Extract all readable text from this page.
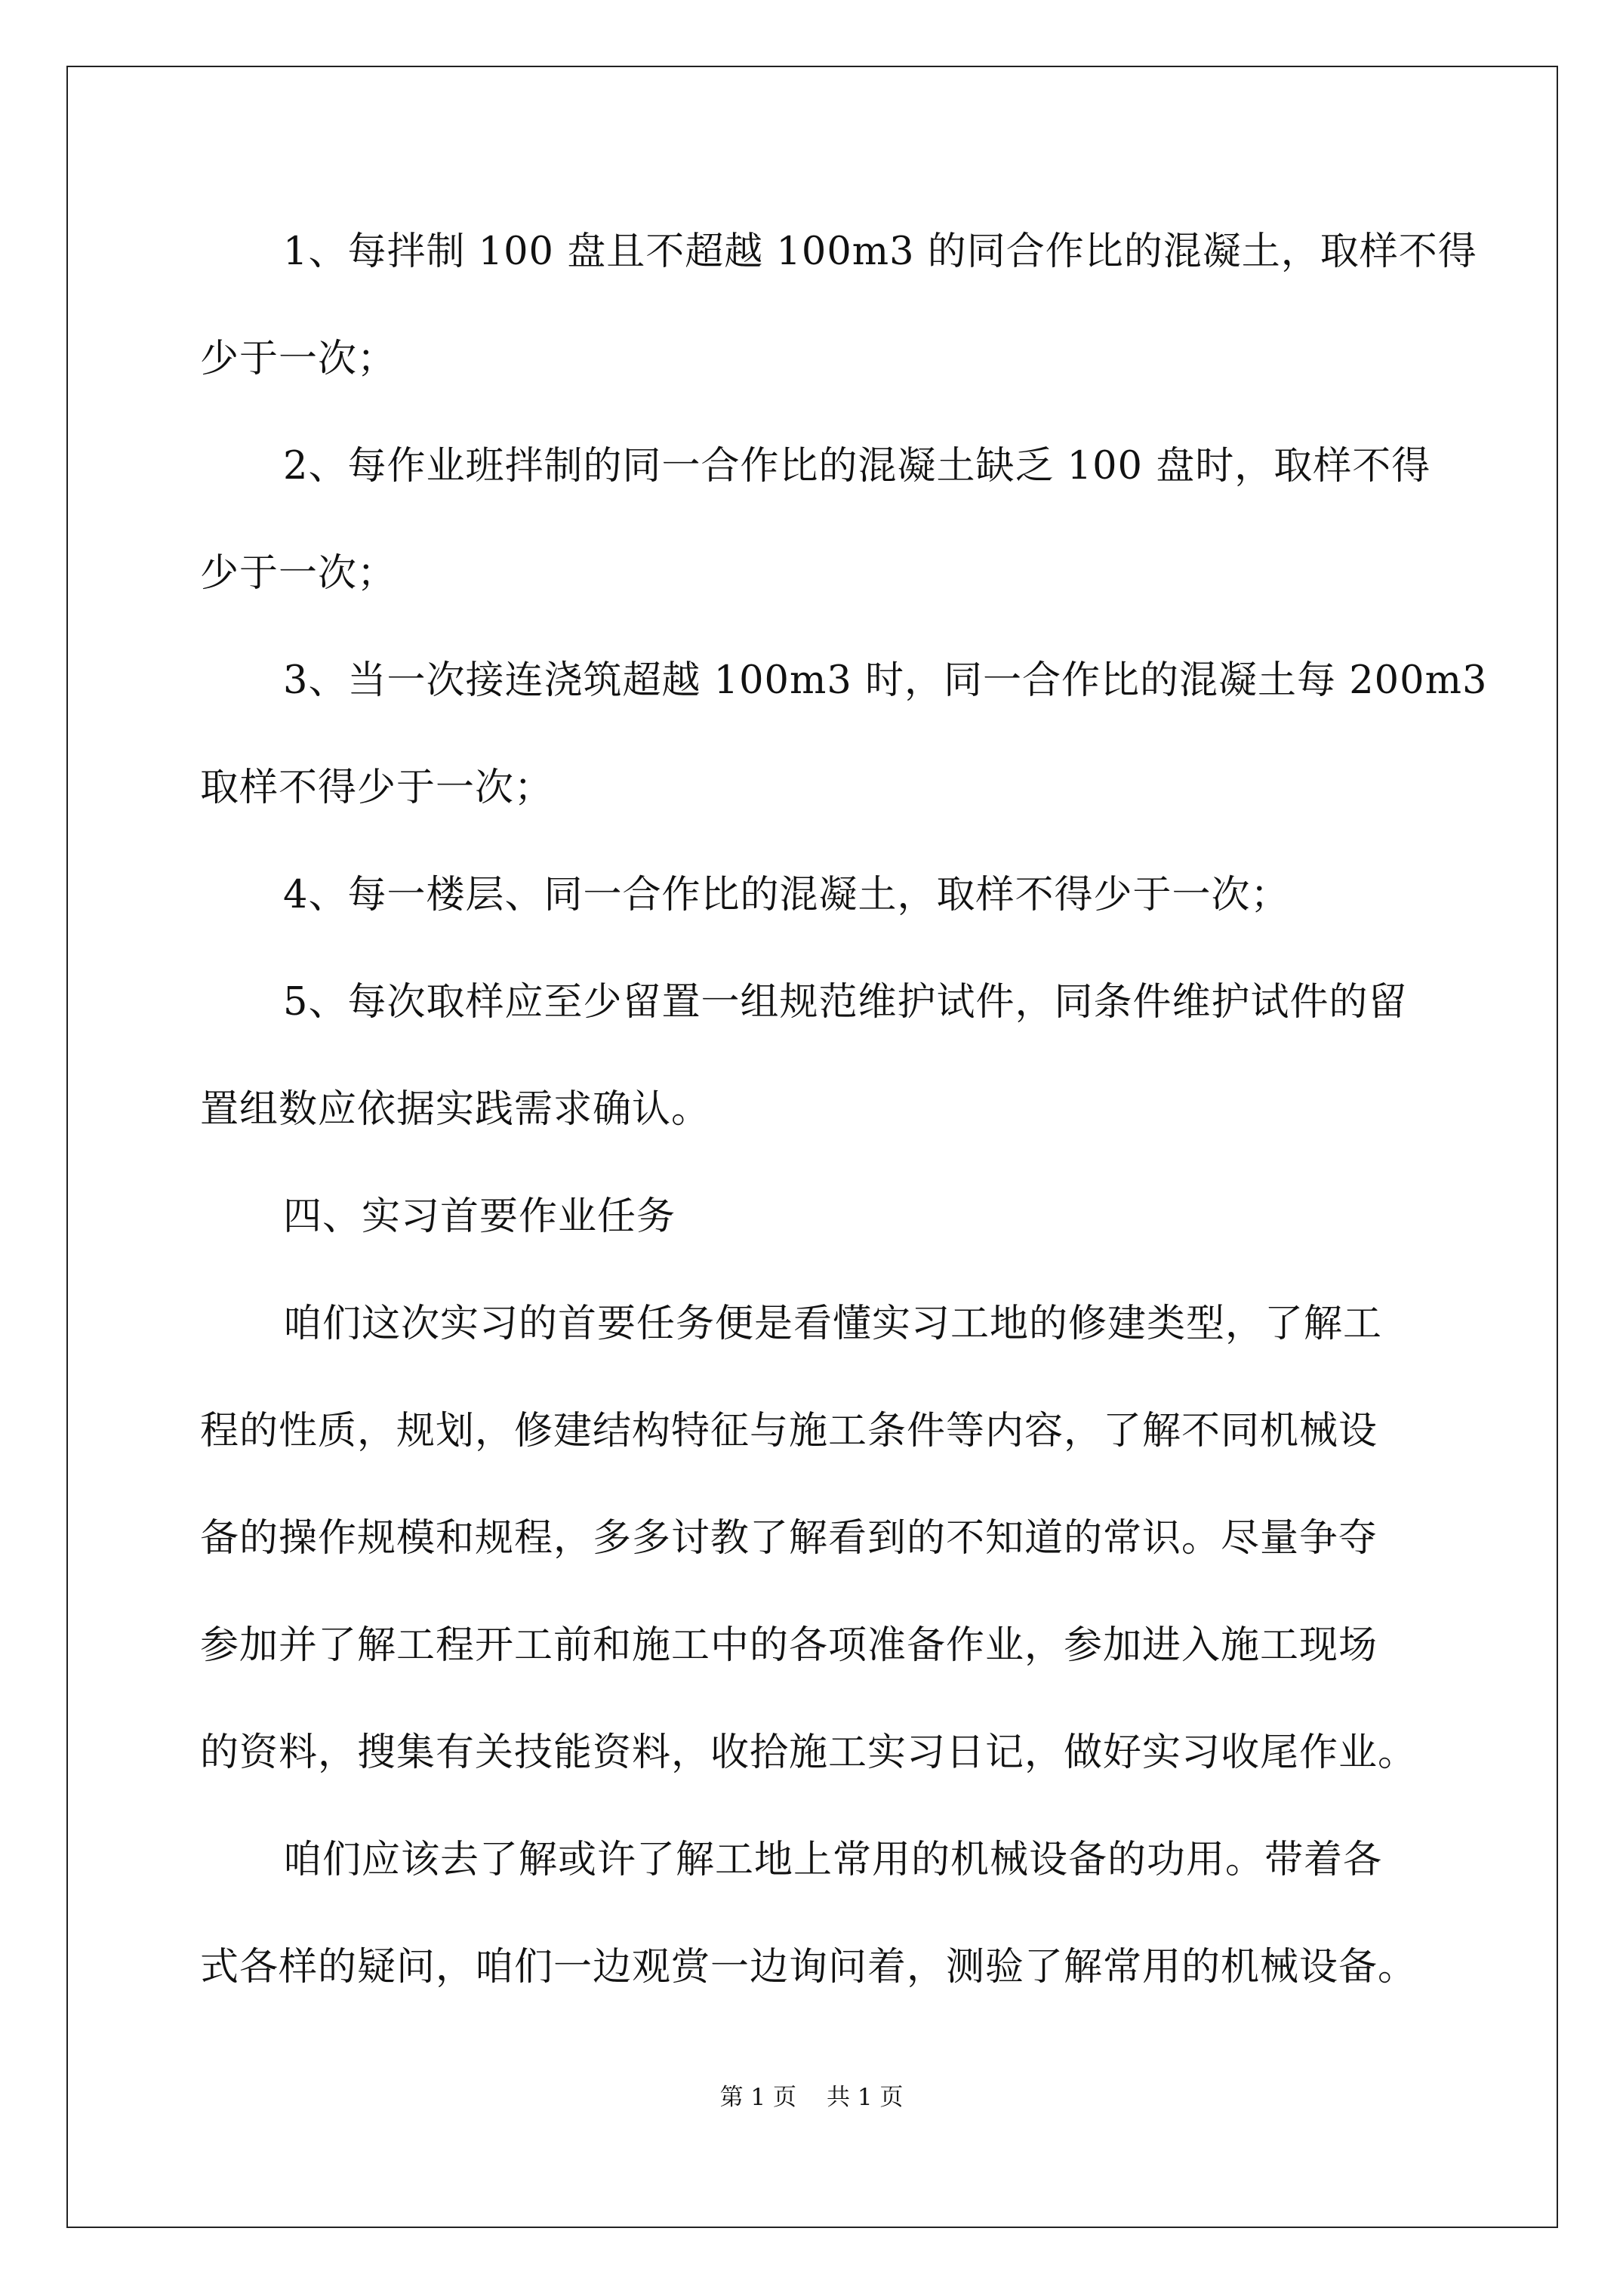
1、每拌制 100 盘且不超越 100m3 的同合作比的混凝土，取样不得
少于一次；
2、每作业班拌制的同一合作比的混凝土缺乏 100 盘时，取样不得
少于一次；
3、当一次接连浇筑超越 100m3 时，同一合作比的混凝土每 200m3
取样不得少于一次；
4、每一楼层、同一合作比的混凝土，取样不得少于一次；
5、每次取样应至少留置一组规范维护试件，同条件维护试件的留
置组数应依据实践需求确认。
四、实习首要作业任务
咱们这次实习的首要任务便是看懂实习工地的修建类型，了解工
程的性质，规划，修建结构特征与施工条件等内容，了解不同机械设
备的操作规模和规程，多多讨教了解看到的不知道的常识。尽量争夺
参加并了解工程开工前和施工中的各项准备作业，参加进入施工现场
的资料，搜集有关技能资料，收拾施工实习日记，做好实习收尾作业。
咱们应该去了解或许了解工地上常用的机械设备的功用。带着各
式各样的疑问，咱们一边观赏一边询问着，测验了解常用的机械设备。
第 1 页 共 1 页
